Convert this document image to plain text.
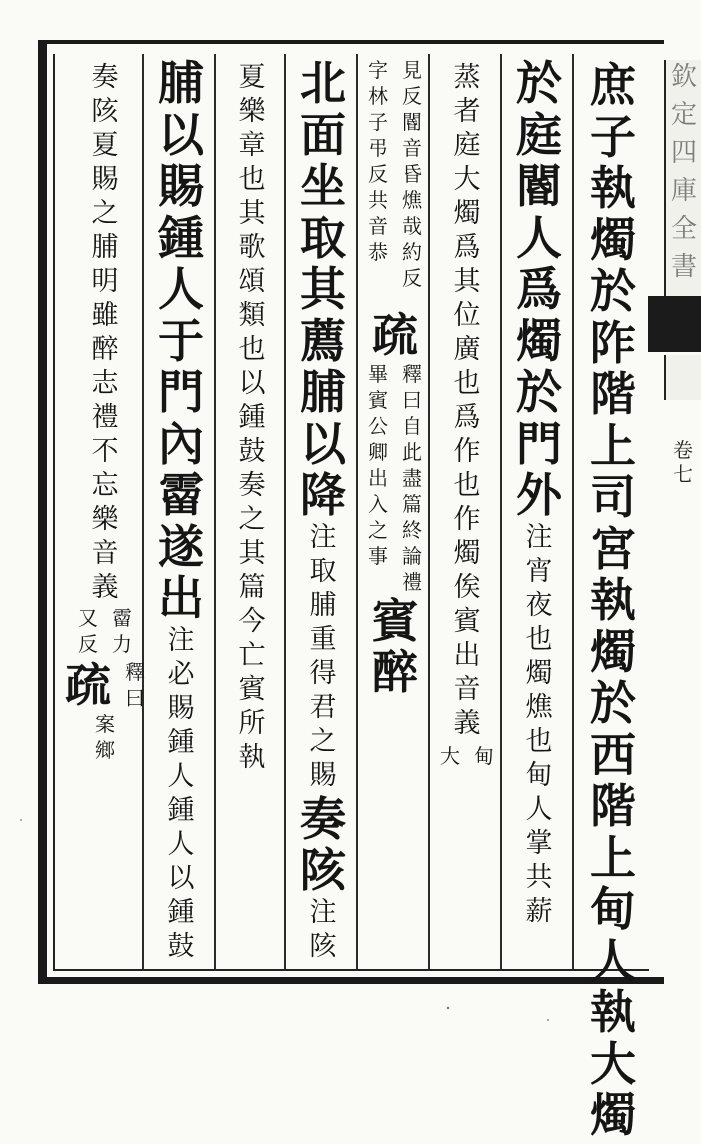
欽
定
四
庫
全
書
卷
七
庶
子
執
燭
於
阼
階
上
司
宮
執
燭
於
西
階
上
甸
人
執
大
燭
於
庭
閽
人
爲
燭
於
門
外
注
宵
夜
也
燭
燋
也
甸
人
掌
共
薪
蒸
者
庭
大
燭
爲
其
位
廣
也
爲
作
也
作
燭
俟
賓
出
音
義
大 甸
字
林
子
弔
反
共
音
恭
見
反
閽
音
昏
燋
哉
約
反
疏
畢
賓
公
卿
出
入
之
事
釋
曰
自
此
盡
篇
終
論
禮
賓
醉
北
面
坐
取
其
薦
脯
以
降
注
取
脯
重
得
君
之
賜
奏
陔
注
陔
夏
樂
章
也
其
歌
頌
類
也
以
鍾
鼓
奏
之
其
篇
今
亡
賓
所
執
脯
以
賜
鍾
人
于
門
內
霤
遂
出
注
必
賜
鍾
人
鍾
人
以
鍾
鼓
奏
陔
夏
賜
之
脯
明
雖
醉
志
禮
不
忘
樂
音
義
又
反
霤
力
疏 釋
曰
案
鄉
